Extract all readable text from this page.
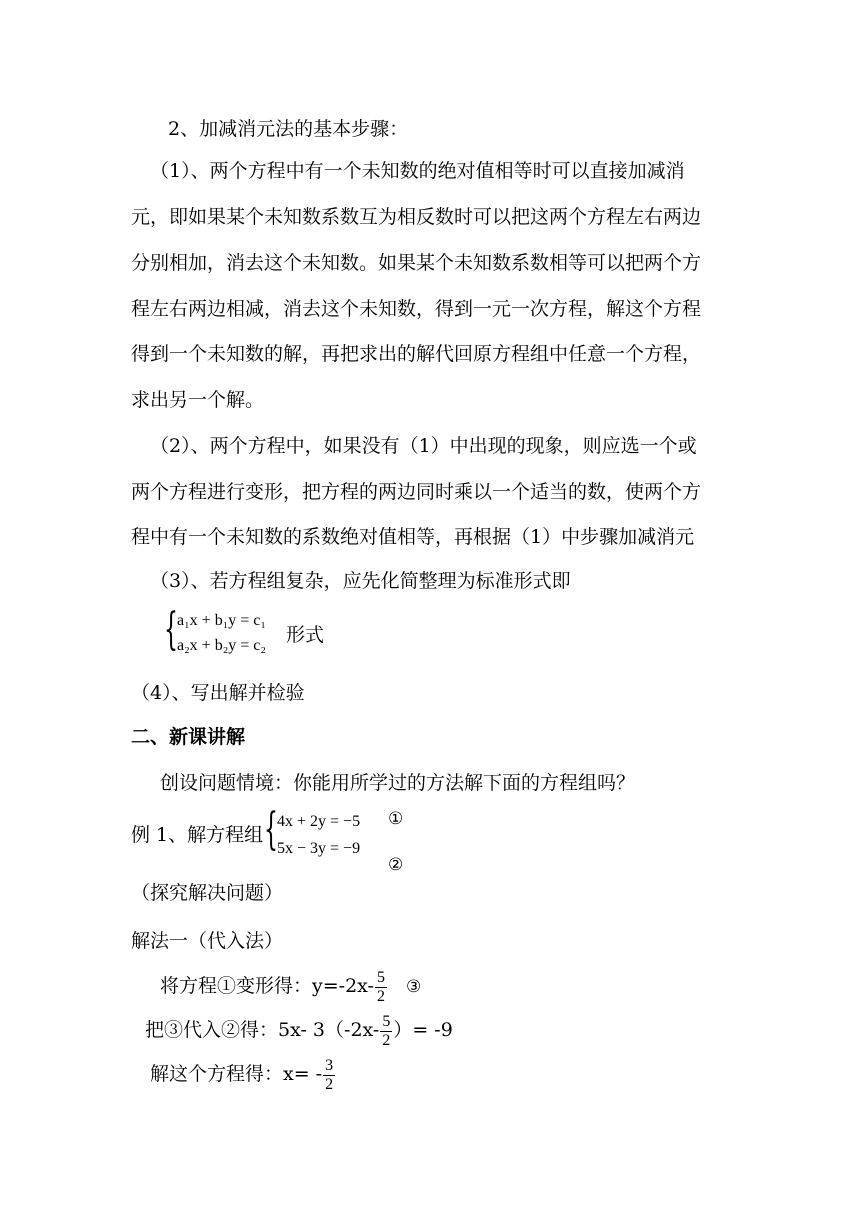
2、加减消元法的基本步骤：
（1）、两个方程中有一个未知数的绝对值相等时可以直接加减消
元，即如果某个未知数系数互为相反数时可以把这两个方程左右两边
分别相加，消去这个未知数。如果某个未知数系数相等可以把两个方
程左右两边相减，消去这个未知数，得到一元一次方程，解这个方程
得到一个未知数的解，再把求出的解代回原方程组中任意一个方程，
求出另一个解。
（2）、两个方程中，如果没有（1）中出现的现象，则应选一个或
两个方程进行变形，把方程的两边同时乘以一个适当的数，使两个方
程中有一个未知数的系数绝对值相等，再根据（1）中步骤加减消元
（3）、若方程组复杂，应先化简整理为标准形式即
{ a₁x + b₁y = c₁
a₂x + b₂y = c₂ 形式
（4）、写出解并检验
二、新课讲解
创设问题情境：你能用所学过的方法解下面的方程组吗？
例 1、解方程组 { 4x + 2y = −5
5x − 3y = −9
①
②
（探究解决问题）
解法一（代入法）
将方程①变形得：$y=-2x- \frac{5}{2}$ ③
把③代入②得：5x- $3(-2x- \frac{5}{2}$ ）= -9
解这个方程得：$x= - \frac{3}{2}$
